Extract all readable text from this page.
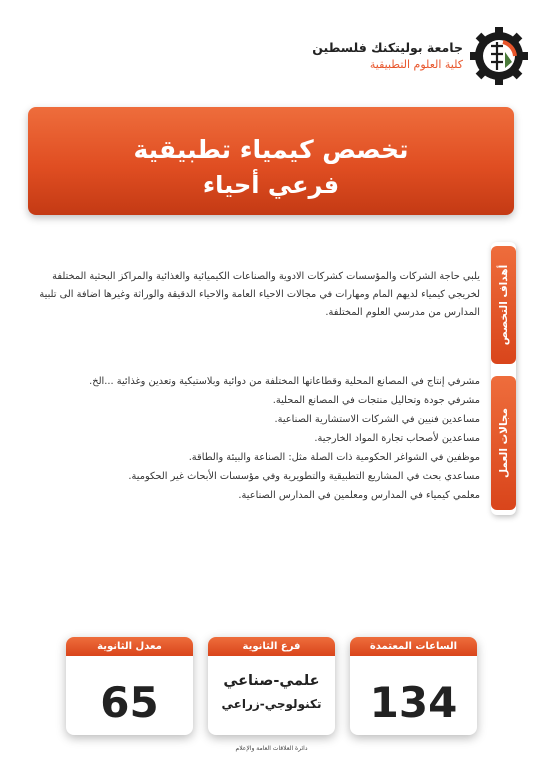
جامعة بوليتكنك فلسطين
كلية العلوم التطبيقية
تخصص كيمياء تطبيقية
فرعي أحياء
أهداف التخصص
مجالات العمل
يلبي حاجة الشركات والمؤسسات كشركات الادوية والصناعات الكيميائية والغذائية والمراكز البحثية المختلفة لخريجي كيمياء لديهم المام ومهارات في مجالات الاحياء العامة والاحياء الدقيقة والوراثة وغيرها اضافة الى تلبية المدارس من مدرسي العلوم المختلفة.
مشرفي إنتاج في المصانع المحلية وقطاعاتها المختلفة من دوائية وبلاستيكية وتعدين وغذائية ...الخ.
مشرفي جودة وتحاليل منتجات في المصانع المحلية.
مساعدين فنيين في الشركات الاستشارية الصناعية.
مساعدين لأصحاب تجارة المواد الخارجية.
موظفين في الشواغر الحكومية ذات الصلة مثل: الصناعة والبيئة والطاقة.
مساعدي بحث في المشاريع التطبيقية والتطويرية وفي مؤسسات الأبحاث غير الحكومية.
معلمي كيمياء في المدارس ومعلمين في المدارس الصناعية.
الساعات المعتمدة
134
فرع الثانوية
علمي-صناعي
تكنولوجي-زراعي
معدل الثانوية
65
دائرة العلاقات العامة والإعلام
